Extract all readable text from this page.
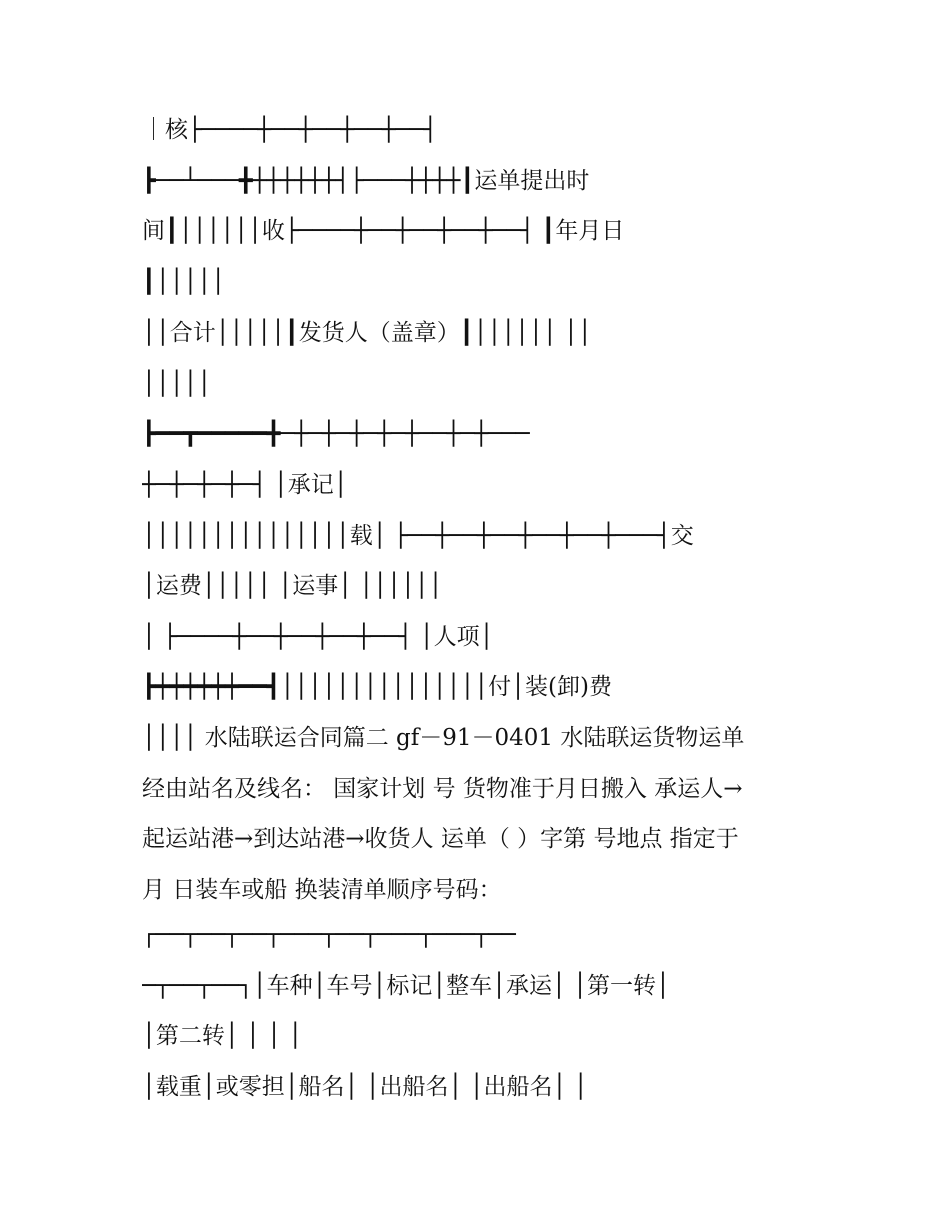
｜核├────┼──┼──┼──┼──┤
┣──┴───╋┼┼┼┼┼┼┤├───┼┼┼┼┃运单提出时
间┃││││││收├────┼──┼──┼──┼──┤ ┃年月日
┃│││││
││合计│││││┃发货人（盖章）┃││││││ ││
│││││
┣━━┳━━━━━╋─┼─┼─┼─┼─┼──┼─┼───
┼─┼─┼─┼─┤ │承记│
│││││││││││││││载│ ├──┼──┼──┼──┼──┼───┤交
│运费│││││ │运事│ ││││││
│ ├────┼──┼──┼──┼──┤ │人项│
┣┿┿┿┿┿┿━━┫│││││││││││││││付│装(卸)费
││││ 水陆联运合同篇二 gf－91－0401 水陆联运货物运单
经由站名及线名： 国家计划 号 货物准于月日搬入 承运人→
起运站港→到达站港→收货人 运单（ ）字第 号地点 指定于
月 日装车或船 换装清单顺序号码：
┌──┬──┬──┬───┬──┬───┬───┬──
─┬──┬──┐│车种│车号│标记│整车│承运│ │第一转│
│第二转│ │ │ │
│载重│或零担│船名│ │出船名│ │出船名│ │
